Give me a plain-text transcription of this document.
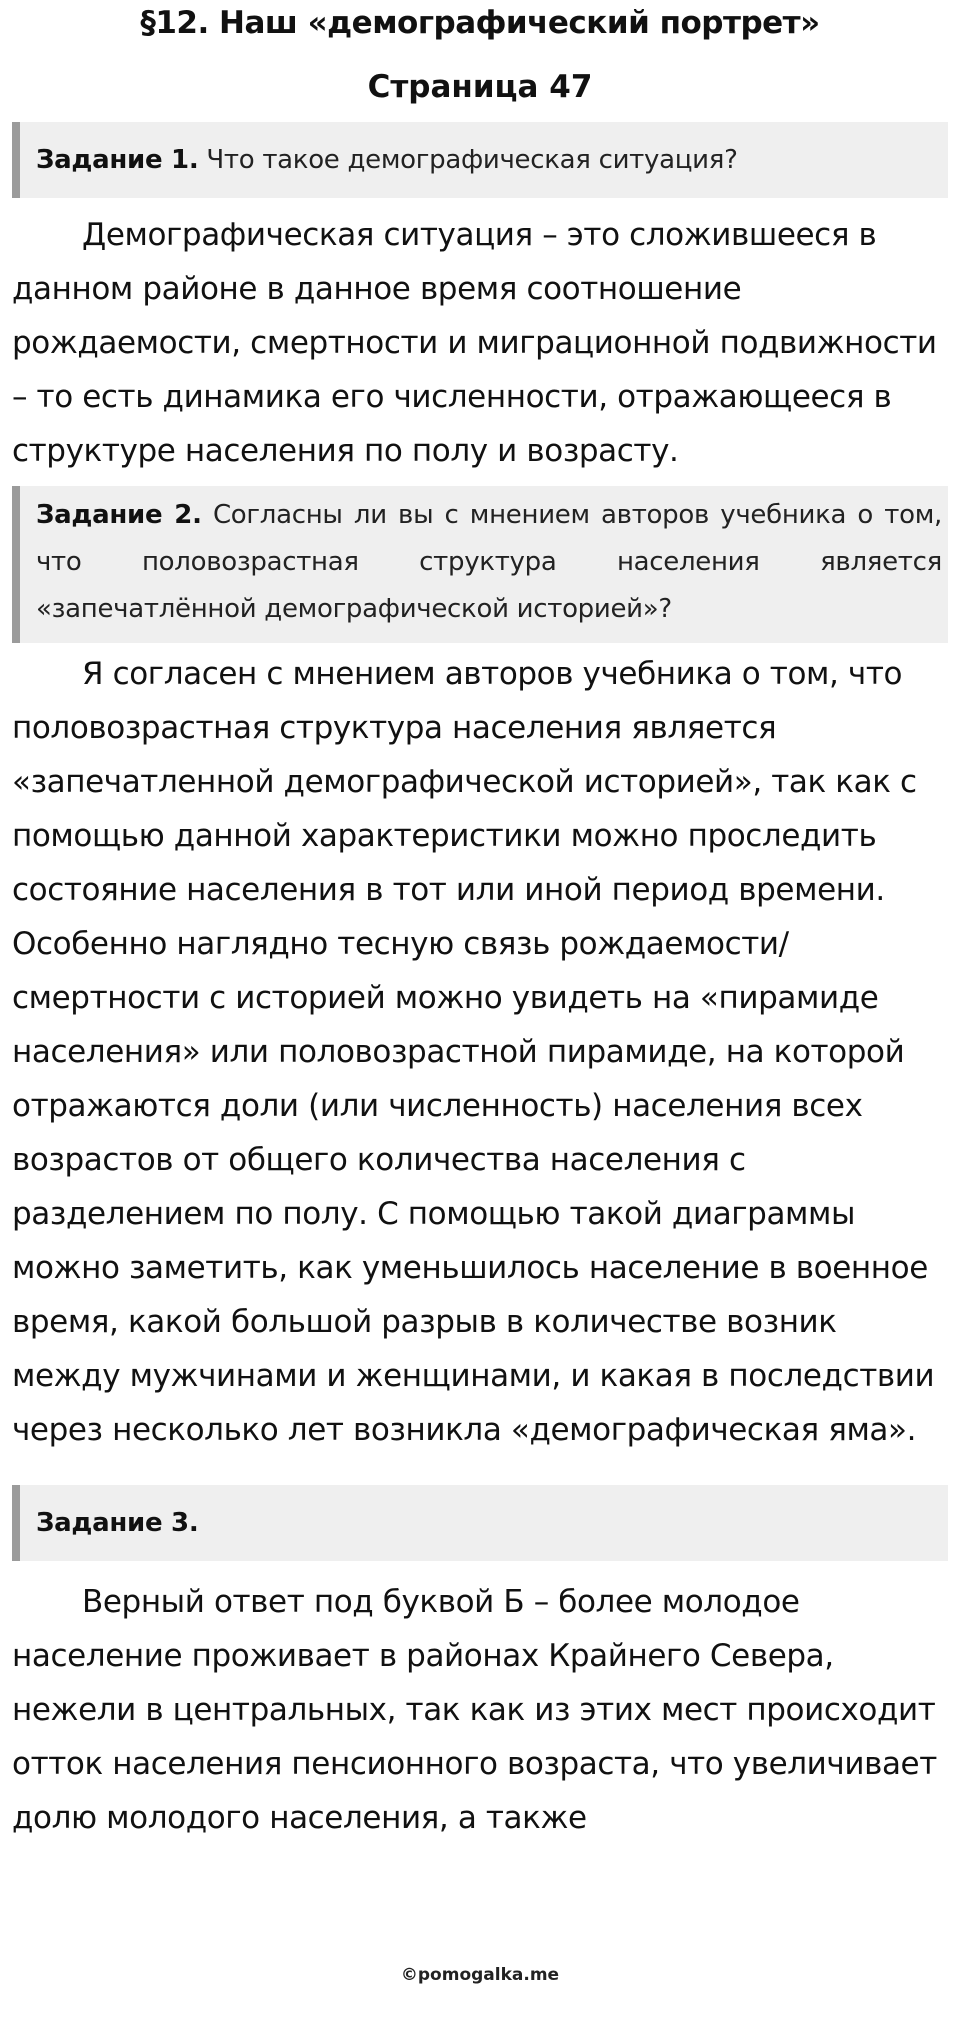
§12. Наш «демографический портрет»
Страница 47
Задание 1. Что такое демографическая ситуация?

Демографическая ситуация – это сложившееся в данном районе в данное время соотношение рождаемости, смертности и миграционной подвижности – то есть динамика его численности, отражающееся в структуре населения по полу и возрасту.

Задание 2. Согласны ли вы с мнением авторов учебника о том, что половозрастная структура населения является «запечатлённой демографической историей»?

Я согласен с мнением авторов учебника о том, что половозрастная структура населения является «запечатленной демографической историей», так как с помощью данной характеристики можно проследить состояние населения в тот или иной период времени. Особенно наглядно тесную связь рождаемости/смертности с историей можно увидеть на «пирамиде населения» или половозрастной пирамиде, на которой отражаются доли (или численность) населения всех возрастов от общего количества населения с разделением по полу. С помощью такой диаграммы можно заметить, как уменьшилось население в военное время, какой большой разрыв в количестве возник между мужчинами и женщинами, и какая в последствии через несколько лет возникла «демографическая яма».

Задание 3.

Верный ответ под буквой Б – более молодое население проживает в районах Крайнего Севера, нежели в центральных, так как из этих мест происходит отток населения пенсионного возраста, что увеличивает долю молодого населения, а также

©pomogalka.me
